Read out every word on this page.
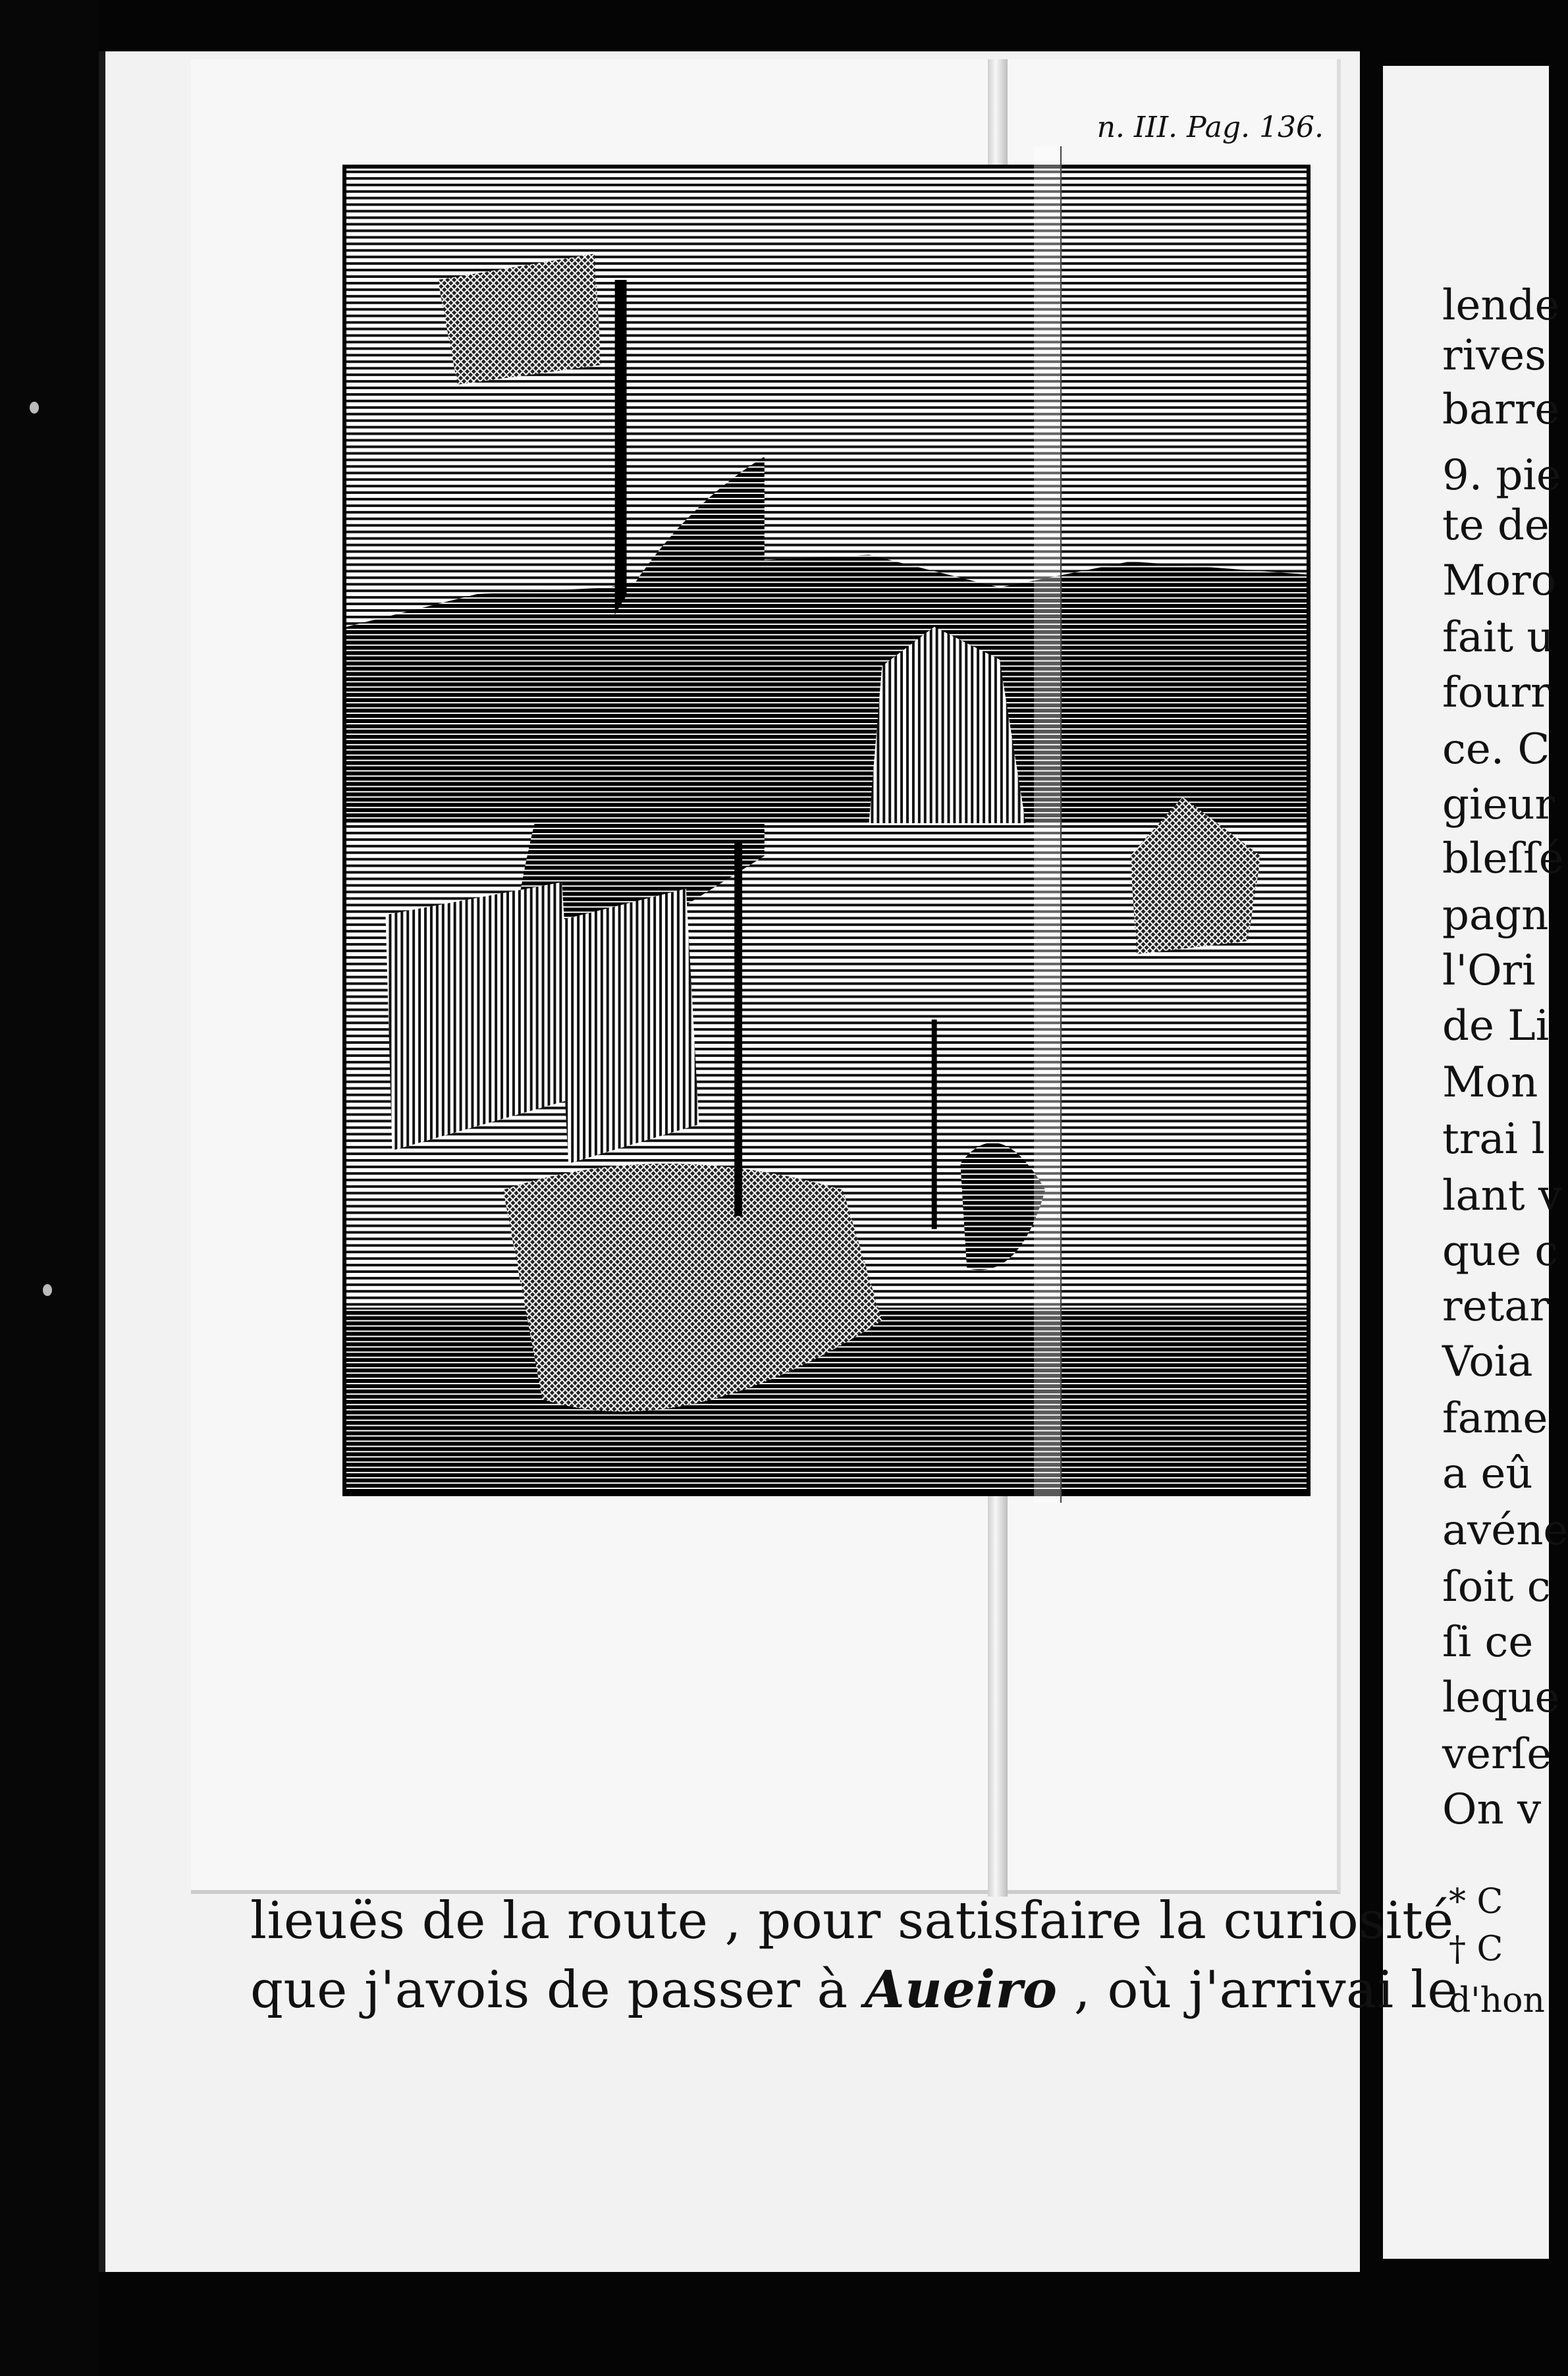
n. III. Pag. 136.
lieuës de la route , pour satisfaire la curiosité
que j'avois de passer à Aueiro , où j'arrivai le
lende
rives
barre
9. pie
te de
Moro
fait u
fourr
ce. C
gieur
bleſſé
pagn
l'Ori
de Li
Mon
trai l
lant v
que c
retar
Voia
fame
a eû
avéne
ſoit c
ſi ce
leque
verſe
On v
* C
† C
d'hon
